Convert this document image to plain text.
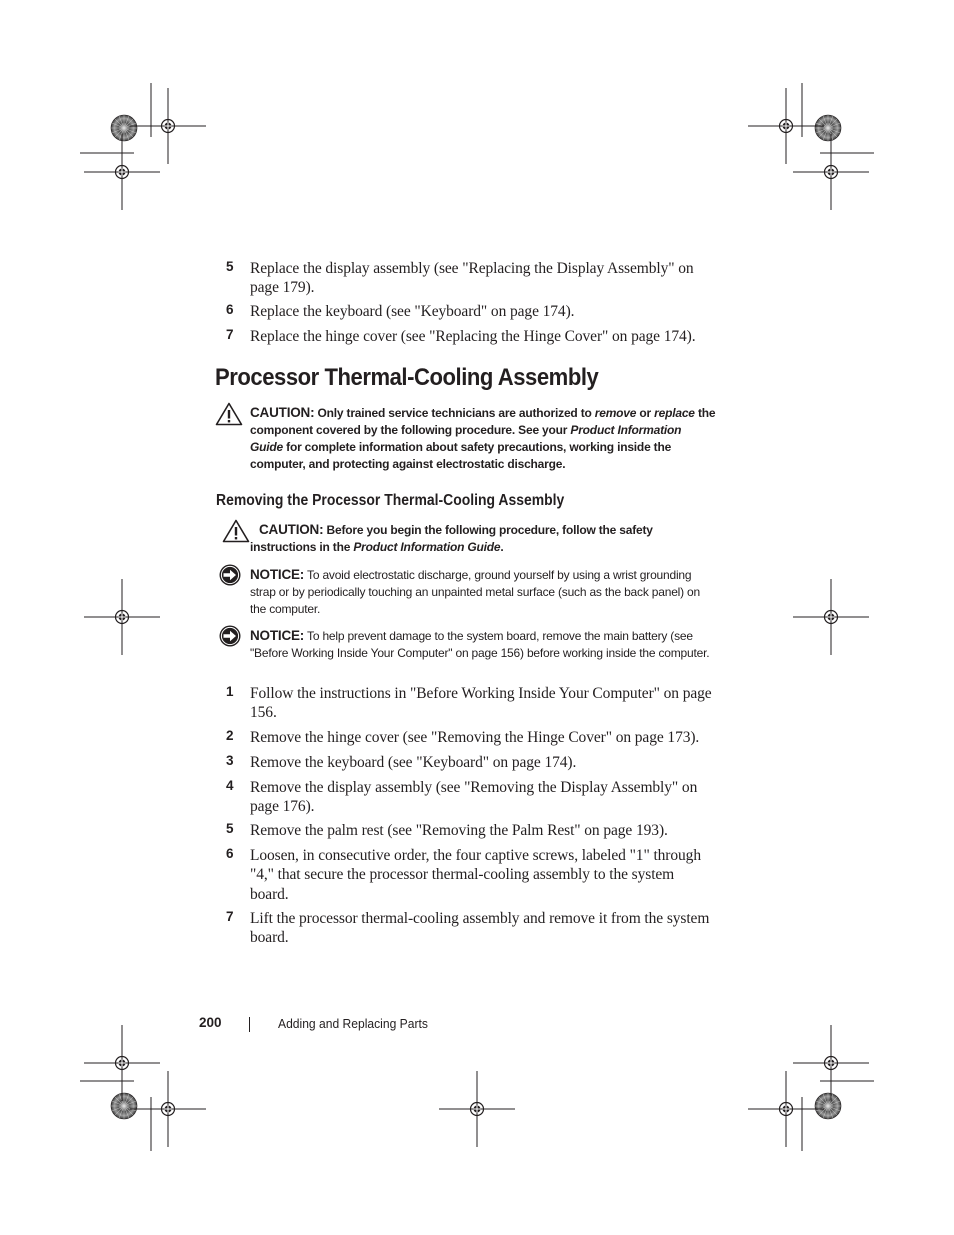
5 Replace the display assembly (see "Replacing the Display Assembly" on page 179).
6 Replace the keyboard (see "Keyboard" on page 174).
7 Replace the hinge cover (see "Replacing the Hinge Cover" on page 174).
Processor Thermal-Cooling Assembly
CAUTION: Only trained service technicians are authorized to remove or replace the component covered by the following procedure. See your Product Information Guide for complete information about safety precautions, working inside the computer, and protecting against electrostatic discharge.
Removing the Processor Thermal-Cooling Assembly
CAUTION: Before you begin the following procedure, follow the safety instructions in the Product Information Guide.
NOTICE: To avoid electrostatic discharge, ground yourself by using a wrist grounding strap or by periodically touching an unpainted metal surface (such as the back panel) on the computer.
NOTICE: To help prevent damage to the system board, remove the main battery (see "Before Working Inside Your Computer" on page 156) before working inside the computer.
1 Follow the instructions in "Before Working Inside Your Computer" on page 156.
2 Remove the hinge cover (see "Removing the Hinge Cover" on page 173).
3 Remove the keyboard (see "Keyboard" on page 174).
4 Remove the display assembly (see "Removing the Display Assembly" on page 176).
5 Remove the palm rest (see "Removing the Palm Rest" on page 193).
6 Loosen, in consecutive order, the four captive screws, labeled "1" through "4," that secure the processor thermal-cooling assembly to the system board.
7 Lift the processor thermal-cooling assembly and remove it from the system board.
200	Adding and Replacing Parts
